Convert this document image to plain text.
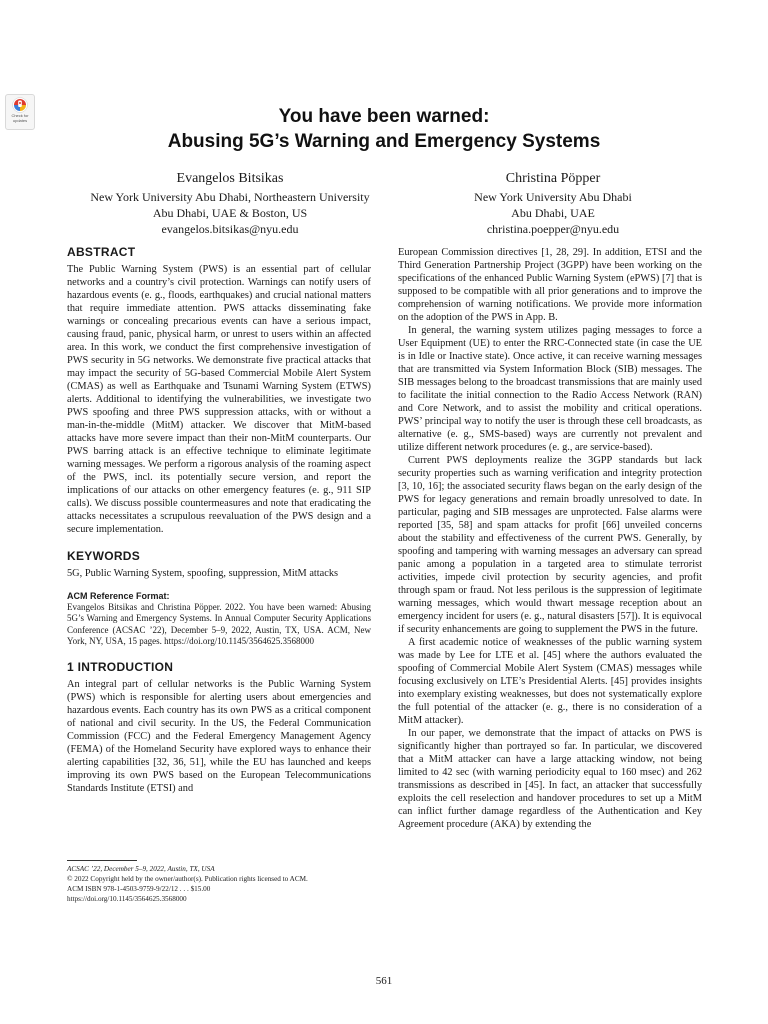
Check for updates	You have been warned:
Abusing 5G’s Warning and Emergency Systems
Evangelos Bitsikas
New York University Abu Dhabi, Northeastern University
Abu Dhabi, UAE & Boston, US
evangelos.bitsikas@nyu.edu
Christina Pöpper
New York University Abu Dhabi
Abu Dhabi, UAE
christina.poepper@nyu.edu
ABSTRACT

The Public Warning System (PWS) is an essential part of cellular networks and a country’s civil protection. Warnings can notify users of hazardous events (e. g., floods, earthquakes) and crucial national matters that require immediate attention. PWS attacks disseminating fake warnings or concealing precarious events can have a serious impact, causing fraud, panic, physical harm, or unrest to users within an affected area. In this work, we conduct the first comprehensive investigation of PWS security in 5G networks. We demonstrate five practical attacks that may impact the security of 5G-based Commercial Mobile Alert System (CMAS) as well as Earthquake and Tsunami Warning System (ETWS) alerts. Additional to identifying the vulnerabilities, we investigate two PWS spoofing and three PWS suppression attacks, with or without a man-in-the-middle (MitM) attacker. We discover that MitM-based attacks have more severe impact than their non-MitM counterparts. Our PWS barring attack is an effective technique to eliminate legitimate warning messages. We perform a rigorous analysis of the roaming aspect of the PWS, incl. its potentially secure version, and report the implications of our attacks on other emergency features (e. g., 911 SIP calls). We discuss possible countermeasures and note that eradicating the attacks necessitates a scrupulous reevaluation of the PWS design and a secure implementation.

KEYWORDS
5G, Public Warning System, spoofing, suppression, MitM attacks
ACM Reference Format:
Evangelos Bitsikas and Christina Pöpper. 2022. You have been warned: Abusing 5G’s Warning and Emergency Systems. In Annual Computer Security Applications Conference (ACSAC ’22), December 5–9, 2022, Austin, TX, USA. ACM, New York, NY, USA, 15 pages. https://doi.org/10.1145/3564625.3568000
1 INTRODUCTION

An integral part of cellular networks is the Public Warning System (PWS) which is responsible for alerting users about emergencies and hazardous events. Each country has its own PWS as a critical component of national and civil security. In the US, the Federal Communication Commission (FCC) and the Federal Emergency Management Agency (FEMA) of the Homeland Security have explored ways to enhance their alerting capabilities [32, 36, 51], while the EU has launched and keeps improving its own PWS based on the European Telecommunications Standards Institute (ETSI) and

ACSAC ’22, December 5–9, 2022, Austin, TX, USA
© 2022 Copyright held by the owner/author(s). Publication rights licensed to ACM.
ACM ISBN 978-1-4503-9759-9/22/12 . . . $15.00
https://doi.org/10.1145/3564625.3568000

European Commission directives [1, 28, 29]. In addition, ETSI and the Third Generation Partnership Project (3GPP) have been working on the specifications of the enhanced Public Warning System (ePWS) [7] that is supposed to be compatible with all prior generations and to improve the comprehension of warning notifications. We provide more information on the adoption of the PWS in App. B.

In general, the warning system utilizes paging messages to force a User Equipment (UE) to enter the RRC-Connected state (in case the UE is in Idle or Inactive state). Once active, it can receive warning messages that are transmitted via System Information Block (SIB) messages. The SIB messages belong to the broadcast transmissions that are mainly used to facilitate the initial connection to the Radio Access Network (RAN) and Core Network, and to assist the mobility and critical operations. PWS’ principal way to notify the user is through these cell broadcasts, as alternative (e. g., SMS-based) ways are currently not prevalent and utilize different network procedures (e. g., are service-based).

Current PWS deployments realize the 3GPP standards but lack security properties such as warning verification and integrity protection [3, 10, 16]; the associated security flaws began on the early design of the PWS for legacy generations and remain broadly unresolved to date. In particular, paging and SIB messages are unprotected. False alarms were reported [35, 58] and spam attacks for profit [66] unveiled concerns about the stability and effectiveness of the current PWS. Generally, by spoofing and tampering with warning messages an adversary can spread panic among a population in a targeted area to stimulate terrorist activities, impede civil protection by security agencies, and profit through spam or fraud. Not less perilous is the suppression of legitimate warning messages, which would thwart message reception about an emergency incident for users (e. g., natural disasters [57]). It is equivocal if security enhancements are going to supplement the PWS in the future.

A first academic notice of weaknesses of the public warning system was made by Lee for LTE et al. [45] where the authors evaluated the spoofing of Commercial Mobile Alert System (CMAS) messages while focusing exclusively on LTE’s Presidential Alerts. [45] provides insights into exemplary existing weaknesses, but does not systematically explore the full potential of the attacker (e. g., there is no consideration of a MitM attacker).

In our paper, we demonstrate that the impact of attacks on PWS is significantly higher than portrayed so far. In particular, we discovered that a MitM attacker can have a large attacking window, not being limited to 42 sec (with warning periodicity equal to 160 msec) and 262 transmissions as described in [45]. In fact, an attacker that successfully exploits the cell reselection and handover procedures to set up a MitM can inflict further damage regardless of the Authentication and Key Agreement procedure (AKA) by extending the

561
